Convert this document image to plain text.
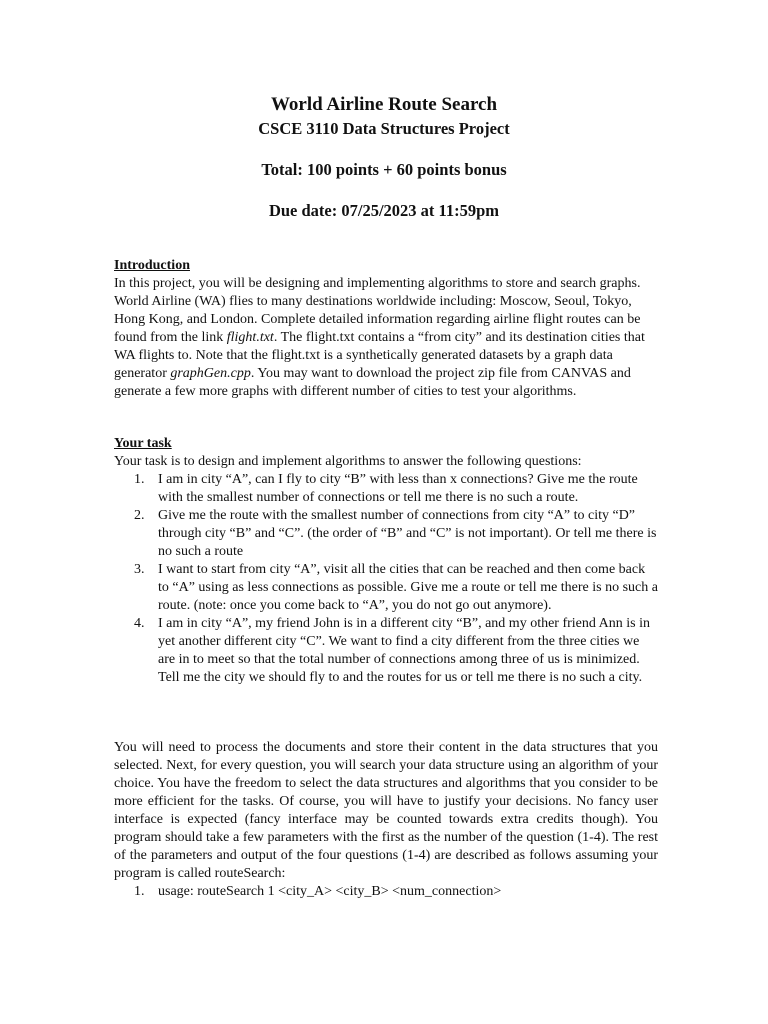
World Airline Route Search
CSCE 3110 Data Structures Project
Total: 100 points + 60 points bonus
Due date: 07/25/2023 at 11:59pm
Introduction
In this project, you will be designing and implementing algorithms to store and search graphs. World Airline (WA) flies to many destinations worldwide including: Moscow, Seoul, Tokyo, Hong Kong, and London. Complete detailed information regarding airline flight routes can be found from the link flight.txt. The flight.txt contains a “from city” and its destination cities that WA flights to. Note that the flight.txt is a synthetically generated datasets by a graph data generator graphGen.cpp. You may want to download the project zip file from CANVAS and generate a few more graphs with different number of cities to test your algorithms.
Your task
Your task is to design and implement algorithms to answer the following questions:
1. I am in city “A”, can I fly to city “B” with less than x connections? Give me the route with the smallest number of connections or tell me there is no such a route.
2. Give me the route with the smallest number of connections from city “A” to city “D” through city “B” and “C”. (the order of “B” and “C” is not important). Or tell me there is no such a route
3. I want to start from city “A”, visit all the cities that can be reached and then come back to “A” using as less connections as possible. Give me a route or tell me there is no such a route. (note: once you come back to “A”, you do not go out anymore).
4. I am in city “A”, my friend John is in a different city “B”, and my other friend Ann is in yet another different city “C”. We want to find a city different from the three cities we are in to meet so that the total number of connections among three of us is minimized. Tell me the city we should fly to and the routes for us or tell me there is no such a city.
You will need to process the documents and store their content in the data structures that you selected. Next, for every question, you will search your data structure using an algorithm of your choice. You have the freedom to select the data structures and algorithms that you consider to be more efficient for the tasks. Of course, you will have to justify your decisions. No fancy user interface is expected (fancy interface may be counted towards extra credits though). You program should take a few parameters with the first as the number of the question (1-4). The rest of the parameters and output of the four questions (1-4) are described as follows assuming your program is called routeSearch:
1. usage: routeSearch 1 <city_A> <city_B> <num_connection>
